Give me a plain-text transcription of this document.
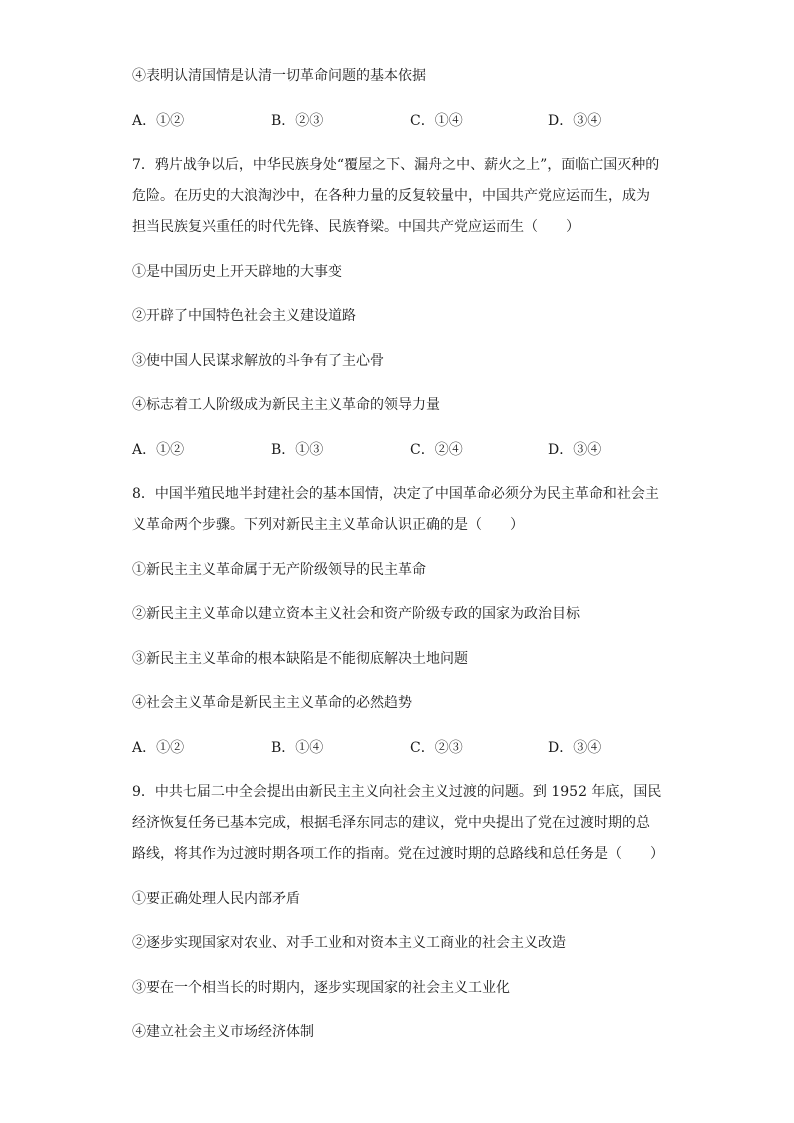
④表明认清国情是认清一切革命问题的基本依据
A．①②	B．②③	C．①④	D．③④
7．鸦片战争以后，中华民族身处“覆屋之下、漏舟之中、薪火之上”，面临亡国灭种的
危险。在历史的大浪淘沙中，在各种力量的反复较量中，中国共产党应运而生，成为
担当民族复兴重任的时代先锋、民族脊梁。中国共产党应运而生（　　）
①是中国历史上开天辟地的大事变
②开辟了中国特色社会主义建设道路
③使中国人民谋求解放的斗争有了主心骨
④标志着工人阶级成为新民主主义革命的领导力量
A．①②	B．①③	C．②④	D．③④
8．中国半殖民地半封建社会的基本国情，决定了中国革命必须分为民主革命和社会主
义革命两个步骤。下列对新民主主义革命认识正确的是（　　）
①新民主主义革命属于无产阶级领导的民主革命
②新民主主义革命以建立资本主义社会和资产阶级专政的国家为政治目标
③新民主主义革命的根本缺陷是不能彻底解决土地问题
④社会主义革命是新民主主义革命的必然趋势
A．①②	B．①④	C．②③	D．③④
9．中共七届二中全会提出由新民主主义向社会主义过渡的问题。到 1952 年底，国民
经济恢复任务已基本完成，根据毛泽东同志的建议，党中央提出了党在过渡时期的总
路线，将其作为过渡时期各项工作的指南。党在过渡时期的总路线和总任务是（　　）
①要正确处理人民内部矛盾
②逐步实现国家对农业、对手工业和对资本主义工商业的社会主义改造
③要在一个相当长的时期内，逐步实现国家的社会主义工业化
④建立社会主义市场经济体制
